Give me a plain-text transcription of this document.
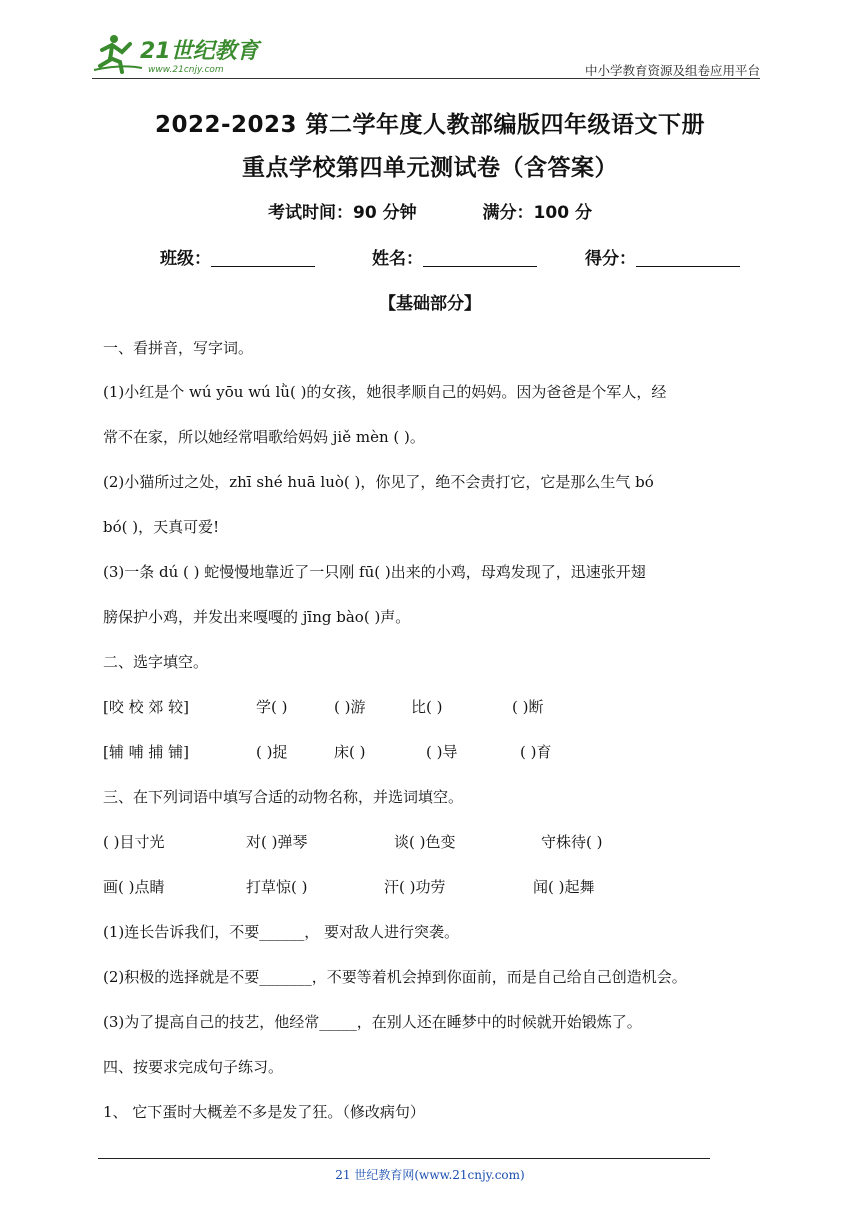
21世纪教育
www.21cnjy.com	中小学教育资源及组卷应用平台
2022-2023 第二学年度人教部编版四年级语文下册
重点学校第四单元测试卷（含答案）
考试时间：90 分钟	满分：100 分
班级：	姓名：	得分：
【基础部分】
一、看拼音，写字词。
(1)小红是个 wú yōu wú lǜ( )的女孩，她很孝顺自己的妈妈。因为爸爸是个军人，经
常不在家，所以她经常唱歌给妈妈 jiě mèn ( )。
(2)小猫所过之处，zhī shé huā luò( )，你见了，绝不会责打它，它是那么生气 bó
bó( )，天真可爱!
(3)一条 dú ( ) 蛇慢慢地靠近了一只刚 fū( )出来的小鸡，母鸡发现了，迅速张开翅
膀保护小鸡，并发出来嘎嘎的 jīng bào( )声。
二、选字填空。
[咬 校 郊 较]	学( )	( )游	比( )	( )断
[辅 哺 捕 铺]	( )捉	床( )	( )导	( )育
三、在下列词语中填写合适的动物名称，并选词填空。
( )目寸光	对( )弹琴	谈( )色变	守株待( )
画( )点睛	打草惊( )	汗( )功劳	闻( )起舞
(1)连长告诉我们，不要______， 要对敌人进行突袭。
(2)积极的选择就是不要_______，不要等着机会掉到你面前，而是自己给自己创造机会。
(3)为了提高自己的技艺，他经常_____，在别人还在睡梦中的时候就开始锻炼了。
四、按要求完成句子练习。
1、 它下蛋时大概差不多是发了狂。（修改病句）
21 世纪教育网(www.21cnjy.com)
